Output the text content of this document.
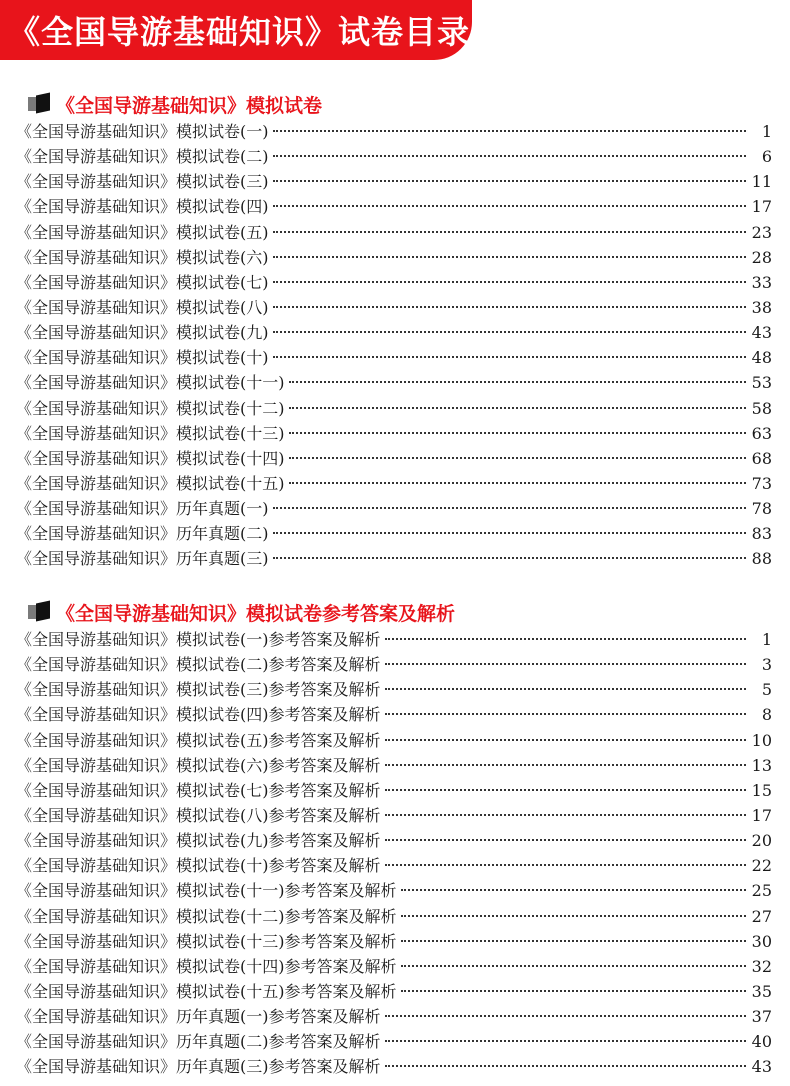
《全国导游基础知识》试卷目录
《全国导游基础知识》模拟试卷
《全国导游基础知识》模拟试卷(一)	1
《全国导游基础知识》模拟试卷(二)	6
《全国导游基础知识》模拟试卷(三)	11
《全国导游基础知识》模拟试卷(四)	17
《全国导游基础知识》模拟试卷(五)	23
《全国导游基础知识》模拟试卷(六)	28
《全国导游基础知识》模拟试卷(七)	33
《全国导游基础知识》模拟试卷(八)	38
《全国导游基础知识》模拟试卷(九)	43
《全国导游基础知识》模拟试卷(十)	48
《全国导游基础知识》模拟试卷(十一)	53
《全国导游基础知识》模拟试卷(十二)	58
《全国导游基础知识》模拟试卷(十三)	63
《全国导游基础知识》模拟试卷(十四)	68
《全国导游基础知识》模拟试卷(十五)	73
《全国导游基础知识》历年真题(一)	78
《全国导游基础知识》历年真题(二)	83
《全国导游基础知识》历年真题(三)	88
《全国导游基础知识》模拟试卷参考答案及解析
《全国导游基础知识》模拟试卷(一)参考答案及解析	1
《全国导游基础知识》模拟试卷(二)参考答案及解析	3
《全国导游基础知识》模拟试卷(三)参考答案及解析	5
《全国导游基础知识》模拟试卷(四)参考答案及解析	8
《全国导游基础知识》模拟试卷(五)参考答案及解析	10
《全国导游基础知识》模拟试卷(六)参考答案及解析	13
《全国导游基础知识》模拟试卷(七)参考答案及解析	15
《全国导游基础知识》模拟试卷(八)参考答案及解析	17
《全国导游基础知识》模拟试卷(九)参考答案及解析	20
《全国导游基础知识》模拟试卷(十)参考答案及解析	22
《全国导游基础知识》模拟试卷(十一)参考答案及解析	25
《全国导游基础知识》模拟试卷(十二)参考答案及解析	27
《全国导游基础知识》模拟试卷(十三)参考答案及解析	30
《全国导游基础知识》模拟试卷(十四)参考答案及解析	32
《全国导游基础知识》模拟试卷(十五)参考答案及解析	35
《全国导游基础知识》历年真题(一)参考答案及解析	37
《全国导游基础知识》历年真题(二)参考答案及解析	40
《全国导游基础知识》历年真题(三)参考答案及解析	43
